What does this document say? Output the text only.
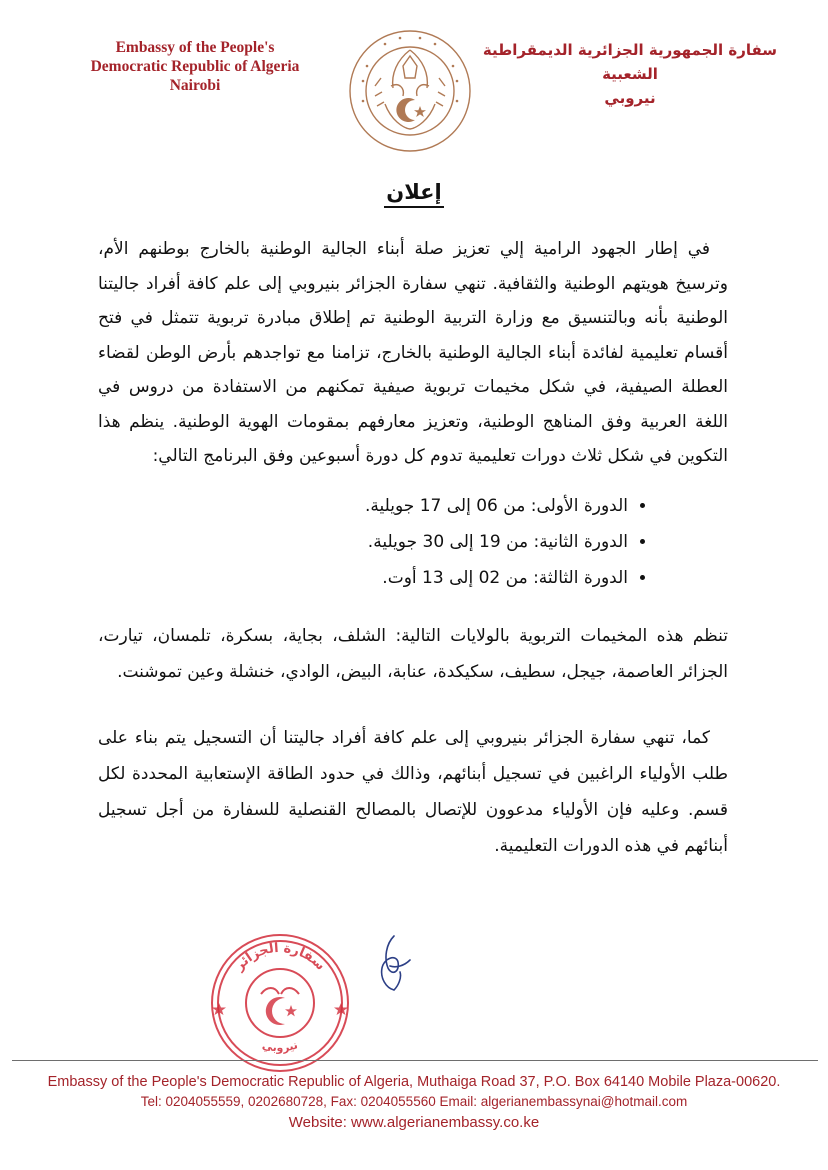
Embassy of the People's
Democratic Republic of Algeria
Nairobi
سفارة الجمهورية الجزائرية الديمقراطية الشعبية
نيروبي
إعلان

في إطار الجهود الرامية إلي تعزيز صلة أبناء الجالية الوطنية بالخارج بوطنهم الأم، وترسيخ هويتهم الوطنية والثقافية. تنهي سفارة الجزائر بنيروبي إلى علم كافة أفراد جاليتنا الوطنية بأنه وبالتنسيق مع وزارة التربية الوطنية تم إطلاق مبادرة تربوية تتمثل في فتح أقسام تعليمية لفائدة أبناء الجالية الوطنية بالخارج، تزامنا مع تواجدهم بأرض الوطن لقضاء العطلة الصيفية، في شكل مخيمات تربوية صيفية تمكنهم من الاستفادة من دروس في اللغة العربية وفق المناهج الوطنية، وتعزيز معارفهم بمقومات الهوية الوطنية. ينظم هذا التكوين في شكل ثلاث دورات تعليمية تدوم كل دورة أسبوعين وفق البرنامج التالي:

• الدورة الأولى: من 06 إلى 17 جويلية.
• الدورة الثانية: من 19 إلى 30 جويلية.
• الدورة الثالثة: من 02 إلى 13 أوت.

تنظم هذه المخيمات التربوية بالولايات التالية: الشلف، بجاية، بسكرة، تلمسان، تيارت، الجزائر العاصمة، جيجل، سطيف، سكيكدة، عنابة، البيض، الوادي، خنشلة وعين تموشنت.

كما، تنهي سفارة الجزائر بنيروبي إلى علم كافة أفراد جاليتنا أن التسجيل يتم بناء على طلب الأولياء الراغبين في تسجيل أبنائهم، وذالك في حدود الطاقة الإستعابية المحددة لكل قسم. وعليه فإن الأولياء مدعوون للإتصال بالمصالح القنصلية للسفارة من أجل تسجيل أبنائهم في هذه الدورات التعليمية.

سفارة الجزائر
نيروبي
Embassy of the People's Democratic Republic of Algeria, Muthaiga Road 37, P.O. Box 64140 Mobile Plaza-00620.
Tel: 0204055559, 0202680728, Fax: 0204055560 Email: algerianembassynai@hotmail.com
Website: www.algerianembassy.co.ke
